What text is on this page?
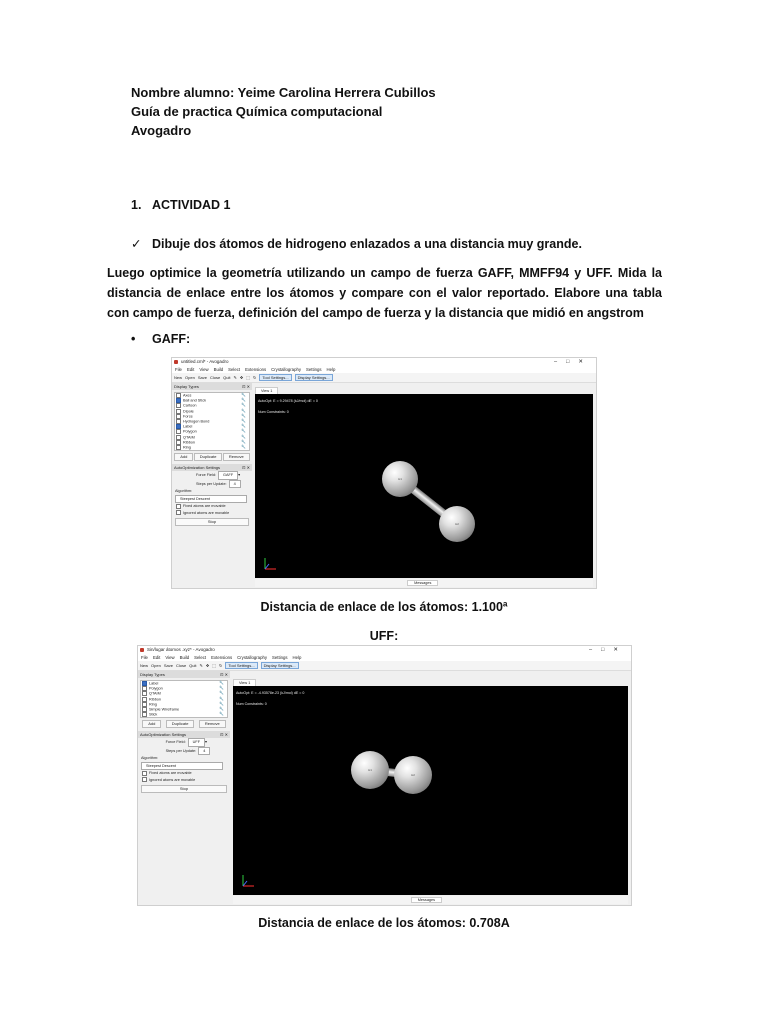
Nombre alumno: Yeime Carolina Herrera Cubillos
Guía de practica Química computacional
Avogadro
1. ACTIVIDAD 1
✓ Dibuje dos átomos de hidrogeno enlazados a una distancia muy grande.
Luego optimice la geometría utilizando un campo de fuerza GAFF, MMFF94 y UFF. Mida la distancia de enlace entre los átomos y compare con el valor reportado. Elabore una tabla con campo de fuerza, definición del campo de fuerza y la distancia que midió en angstrom
• GAFF:
untitled.cml* - Avogadro	–□✕
File Edit View Build Select Extensions Crystallography Settings Help
New Open Save Close Quit ✎ ✥ ⬚ ↻ Tool Settings... Display Settings...
Display Types	⊡ ✕
Axes	🔧
Ball and Stick	🔧
Cartoon	🔧
Dipole	🔧
Force	🔧
Hydrogen Bond	🔧
Label	🔧
Polygon	🔧
QTAIM	🔧
Ribbon	🔧
Ring	🔧
Add	Duplicate	Remove
AutoOptimization Settings	⊡ ✕
Force Field: GAFF ▾
Steps per Update: 4
Algorithm:
Steepest Descent
Fixed atoms are movable
Ignored atoms are movable
Stop
View 1
AutoOpt: E = 9.29478 (kJ/mol) dE = 0
Num Constraints: 0
H1
H2
Messages
Distancia de enlace de los átomos: 1.100ª
UFF:
Sin/lugar átomos .xyz* - Avogadro	–□✕
File Edit View Build Select Extensions Crystallography Settings Help
New Open Save Close Quit ✎ ✥ ⬚ ↻ Tool Settings... Display Settings...
Display Types	⊡ ✕
Label	🔧
Polygon	🔧
QTAIM	🔧
Ribbon	🔧
Ring	🔧
Simple Wireframe	🔧
Stick	🔧
Add	Duplicate	Remove
AutoOptimization Settings	⊡ ✕
Force Field: UFF ▾
Steps per Update: 4
Algorithm:
Steepest Descent
Fixed atoms are movable
Ignored atoms are movable
Stop
View 1
AutoOpt: E = -4.93578e-23 (kJ/mol) dE = 0
Num Constraints: 0
H1
H2
Messages
Distancia de enlace de los átomos: 0.708A
